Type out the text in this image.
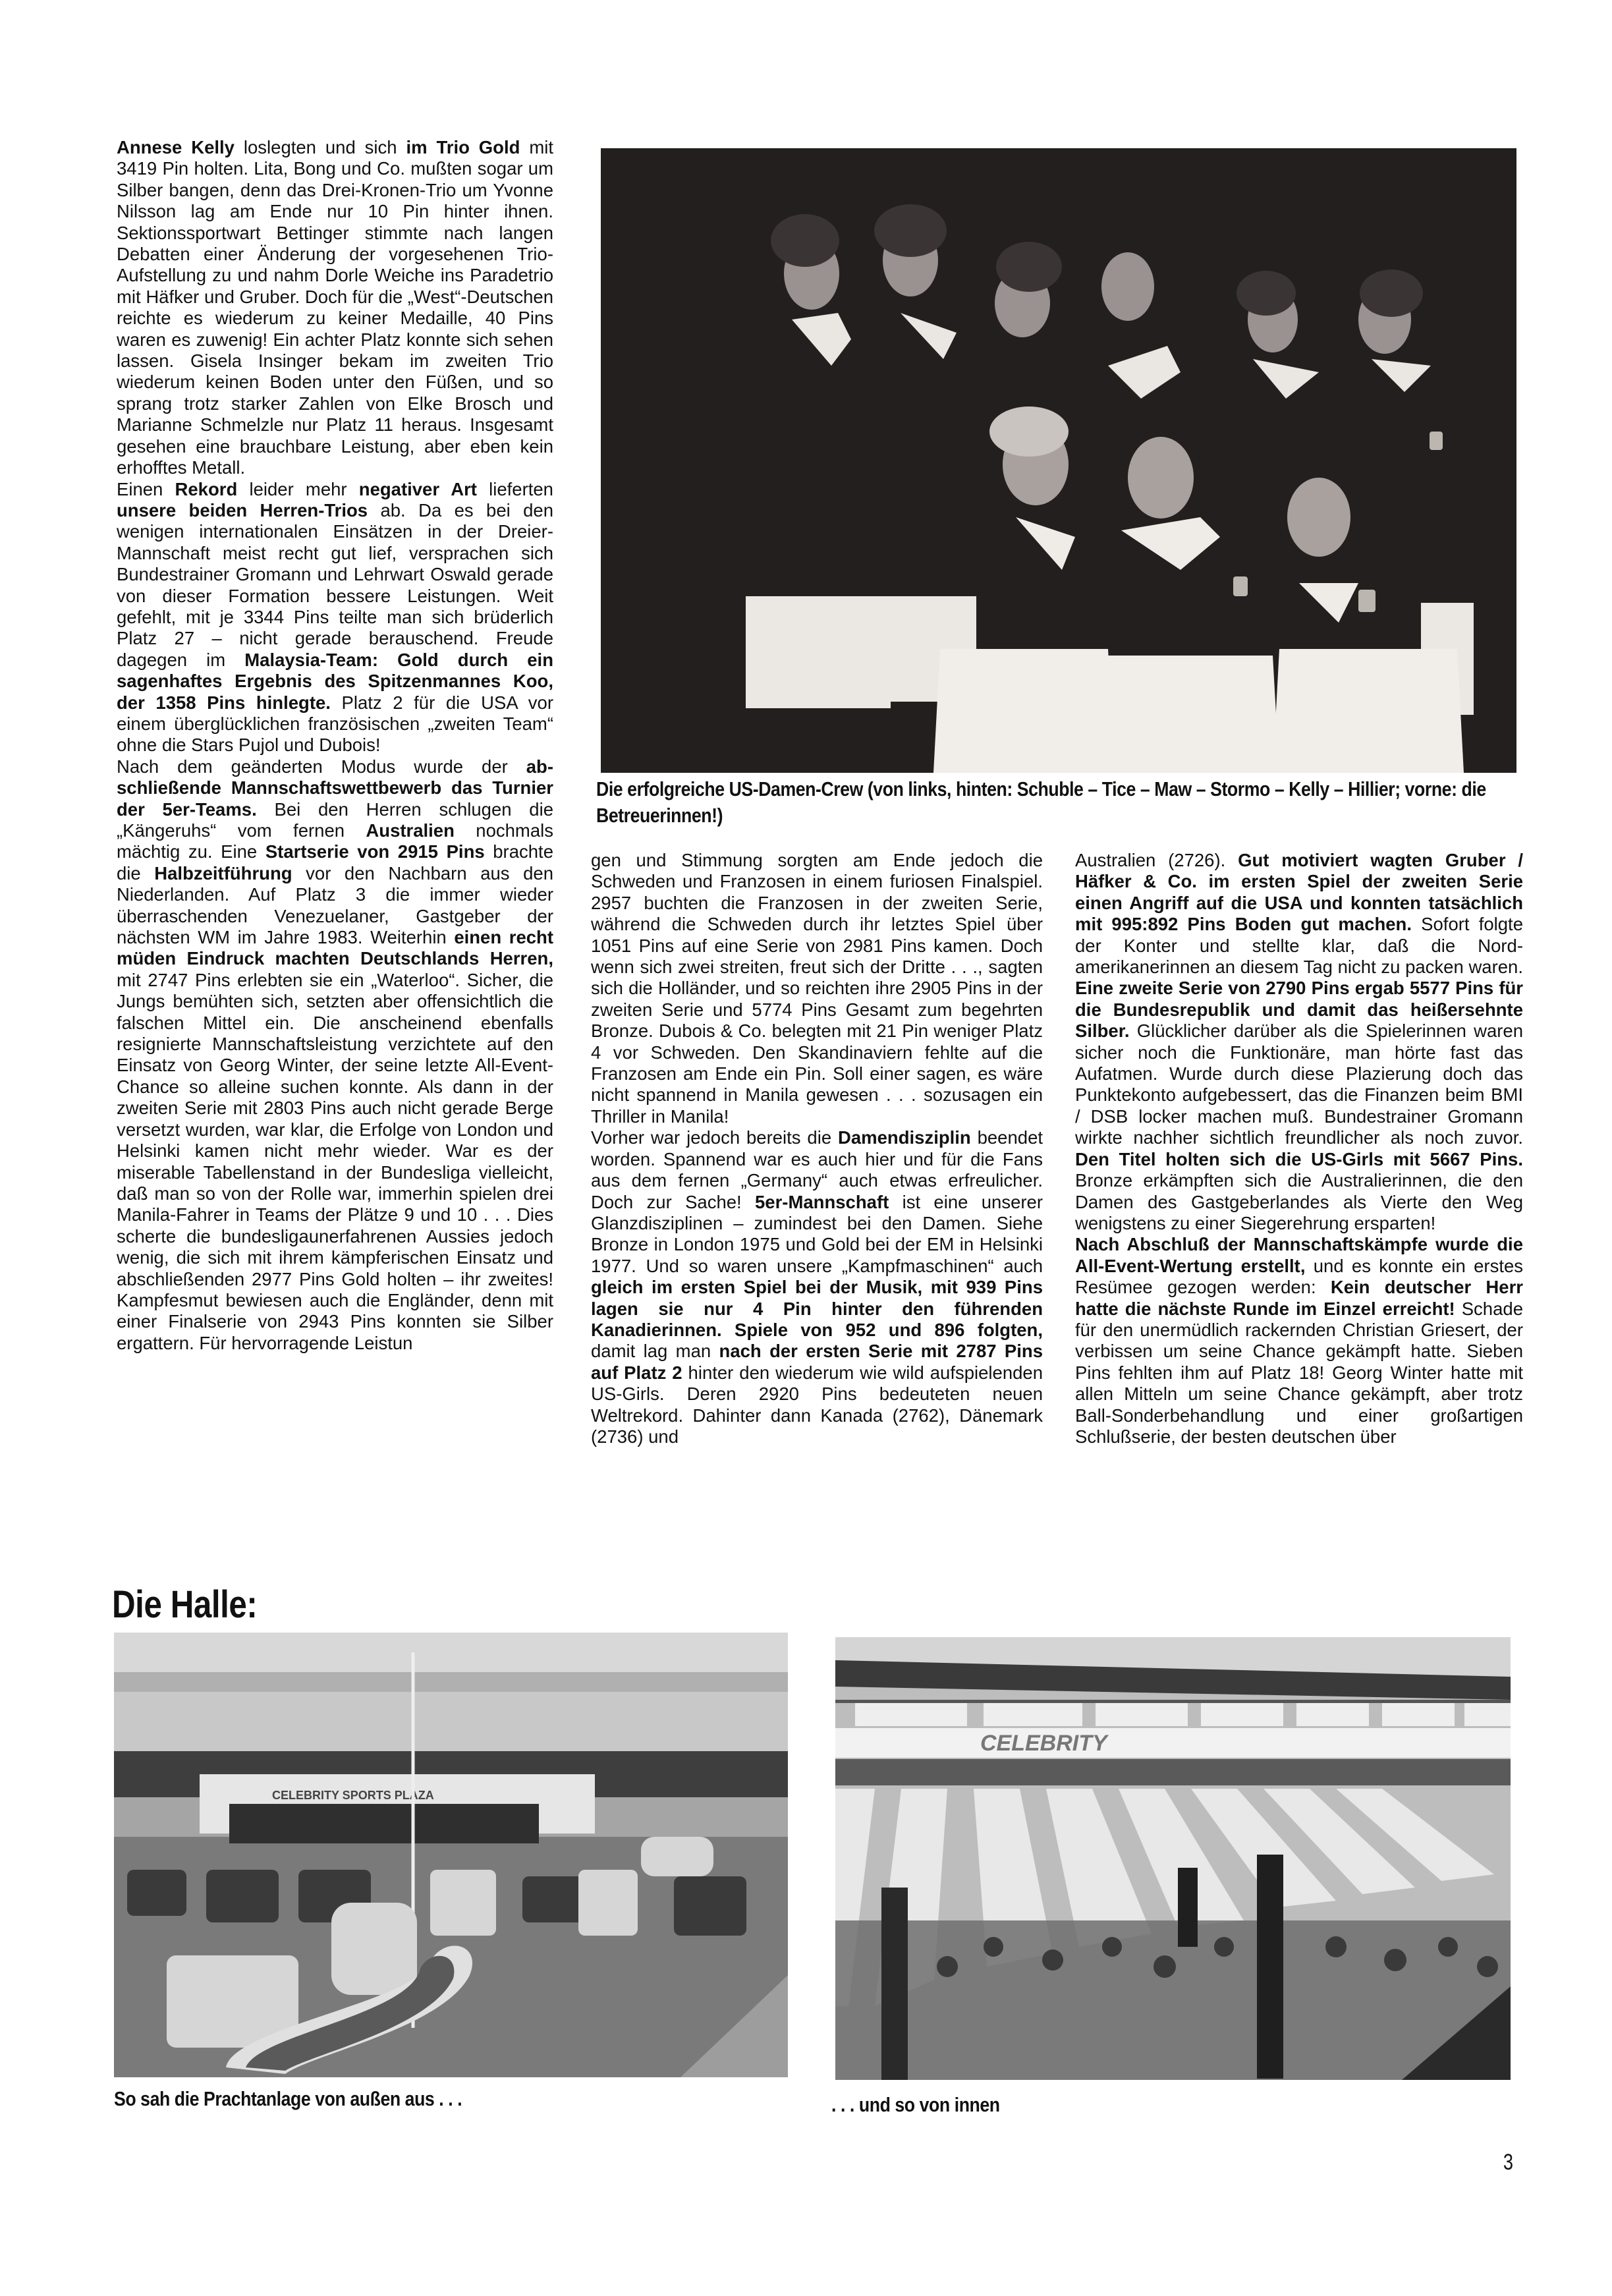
Annese Kelly loslegten und sich im Trio Gold mit 3419 Pin holten. Lita, Bong und Co. mußten sogar um Silber bangen, denn das Drei-Kronen-Trio um Yvonne Nilsson lag am Ende nur 10 Pin hinter ihnen. Sektionssportwart Bettinger stimmte nach langen Debatten einer Änderung der vorgesehenen Trio-Aufstellung zu und nahm Dorle Weiche ins Paradetrio mit Häfker und Gruber. Doch für die „West“-Deutschen reichte es wiederum zu keiner Medaille, 40 Pins waren es zuwenig! Ein achter Platz konnte sich sehen lassen. Gisela Insinger bekam im zweiten Trio wiederum keinen Boden unter den Füßen, und so sprang trotz starker Zahlen von Elke Brosch und Marianne Schmelzle nur Platz 11 heraus. Insgesamt gesehen eine brauchbare Leistung, aber eben kein erhofftes Metall.

Einen Rekord leider mehr negativer Art lieferten unsere beiden Herren-Trios ab. Da es bei den wenigen internationalen Einsätzen in der Dreier-Mannschaft meist recht gut lief, versprachen sich Bundestrainer Gromann und Lehrwart Oswald gerade von dieser Formation bessere Leistungen. Weit gefehlt, mit je 3344 Pins teilte man sich brüderlich Platz 27 – nicht gerade berauschend. Freude dagegen im Malaysia-Team: Gold durch ein sagenhaftes Ergebnis des Spitzenmannes Koo, der 1358 Pins hinlegte. Platz 2 für die USA vor einem überglücklichen französischen „zweiten Team“ ohne die Stars Pujol und Dubois!

Nach dem geänderten Modus wurde der abschließende Mannschaftswettbewerb das Turnier der 5er-Teams. Bei den Herren schlugen die „Kängeruhs“ vom fernen Australien nochmals mächtig zu. Eine Startserie von 2915 Pins brachte die Halbzeitführung vor den Nachbarn aus den Niederlanden. Auf Platz 3 die immer wieder überraschenden Venezuelaner, Gastgeber der nächsten WM im Jahre 1983. Weiterhin einen recht müden Eindruck machten Deutschlands Herren, mit 2747 Pins erlebten sie ein „Waterloo“. Sicher, die Jungs bemühten sich, setzten aber offensichtlich die falschen Mittel ein. Die anscheinend ebenfalls resignierte Mannschaftsleistung verzichtete auf den Einsatz von Georg Winter, der seine letzte All-Event-Chance so alleine suchen konnte. Als dann in der zweiten Serie mit 2803 Pins auch nicht gerade Berge versetzt wurden, war klar, die Erfolge von London und Helsinki kamen nicht mehr wieder. War es der miserable Tabellenstand in der Bundesliga vielleicht, daß man so von der Rolle war, immerhin spielen drei Manila-Fahrer in Teams der Plätze 9 und 10 . . . Dies scherte die bundesligaunerfahrenen Aussies jedoch wenig, die sich mit ihrem kämpferischen Einsatz und abschließenden 2977 Pins Gold holten – ihr zweites! Kampfesmut bewiesen auch die Engländer, denn mit einer Finalserie von 2943 Pins konnten sie Silber ergattern. Für hervorragende Leistun

Die erfolgreiche US-Damen-Crew (von links, hinten: Schuble – Tice – Maw – Stormo – Kelly – Hillier; vorne: die Betreuerinnen!)

gen und Stimmung sorgten am Ende jedoch die Schweden und Franzosen in einem furiosen Finalspiel. 2957 buchten die Franzosen in der zweiten Serie, während die Schweden durch ihr letztes Spiel über 1051 Pins auf eine Serie von 2981 Pins kamen. Doch wenn sich zwei streiten, freut sich der Dritte . . ., sagten sich die Holländer, und so reichten ihre 2905 Pins in der zweiten Serie und 5774 Pins Gesamt zum begehrten Bronze. Dubois & Co. belegten mit 21 Pin weniger Platz 4 vor Schweden. Den Skandinaviern fehlte auf die Franzosen am Ende ein Pin. Soll einer sagen, es wäre nicht spannend in Manila gewesen . . . sozusagen ein Thriller in Manila!

Vorher war jedoch bereits die Damendisziplin beendet worden. Spannend war es auch hier und für die Fans aus dem fernen „Germany“ auch etwas erfreulicher. Doch zur Sache! 5er-Mannschaft ist eine unserer Glanzdisziplinen – zumindest bei den Damen. Siehe Bronze in London 1975 und Gold bei der EM in Helsinki 1977. Und so waren unsere „Kampfmaschinen“ auch gleich im ersten Spiel bei der Musik, mit 939 Pins lagen sie nur 4 Pin hinter den führenden Kanadierinnen. Spiele von 952 und 896 folgten, damit lag man nach der ersten Serie mit 2787 Pins auf Platz 2 hinter den wiederum wie wild aufspielenden US-Girls. Deren 2920 Pins bedeuteten neuen Weltrekord. Dahinter dann Kanada (2762), Dänemark (2736) und

Australien (2726). Gut motiviert wagten Gruber / Häfker & Co. im ersten Spiel der zweiten Serie einen Angriff auf die USA und konnten tatsächlich mit 995:892 Pins Boden gut machen. Sofort folgte der Konter und stellte klar, daß die Nordamerikanerinnen an diesem Tag nicht zu packen waren. Eine zweite Serie von 2790 Pins ergab 5577 Pins für die Bundesrepublik und damit das heißersehnte Silber. Glücklicher darüber als die Spielerinnen waren sicher noch die Funktionäre, man hörte fast das Aufatmen. Wurde durch diese Plazierung doch das Punktekonto aufgebessert, das die Finanzen beim BMI / DSB locker machen muß. Bundestrainer Gromann wirkte nachher sichtlich freundlicher als noch zuvor. Den Titel holten sich die US-Girls mit 5667 Pins. Bronze erkämpften sich die Australierinnen, die den Damen des Gastgeberlandes als Vierte den Weg wenigstens zu einer Siegerehrung ersparten!

Nach Abschluß der Mannschaftskämpfe wurde die All-Event-Wertung erstellt, und es konnte ein erstes Resümee gezogen werden: Kein deutscher Herr hatte die nächste Runde im Einzel erreicht! Schade für den unermüdlich rackernden Christian Griesert, der verbissen um seine Chance gekämpft hatte. Sieben Pins fehlten ihm auf Platz 18! Georg Winter hatte mit allen Mitteln um seine Chance gekämpft, aber trotz Ball-Sonderbehandlung und einer großartigen Schlußserie, der besten deutschen über

Die Halle:
CELEBRITY SPORTS PLAZA
CELEBRITY
So sah die Prachtanlage von außen aus . . .	. . . und so von innen
3
